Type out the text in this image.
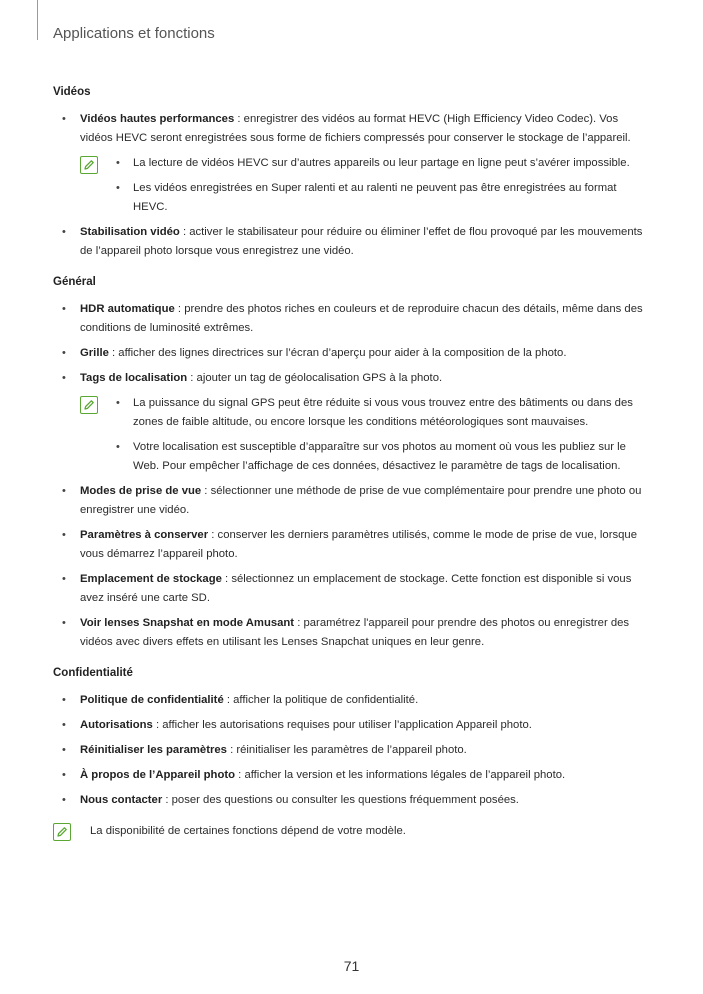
Applications et fonctions
Vidéos
• Vidéos hautes performances : enregistrer des vidéos au format HEVC (High Efficiency Video Codec). Vos vidéos HEVC seront enregistrées sous forme de fichiers compressés pour conserver le stockage de l’appareil.
• La lecture de vidéos HEVC sur d’autres appareils ou leur partage en ligne peut s’avérer impossible.
• Les vidéos enregistrées en Super ralenti et au ralenti ne peuvent pas être enregistrées au format HEVC.
• Stabilisation vidéo : activer le stabilisateur pour réduire ou éliminer l’effet de flou provoqué par les mouvements de l’appareil photo lorsque vous enregistrez une vidéo.
Général
• HDR automatique : prendre des photos riches en couleurs et de reproduire chacun des détails, même dans des conditions de luminosité extrêmes.
• Grille : afficher des lignes directrices sur l’écran d’aperçu pour aider à la composition de la photo.
• Tags de localisation : ajouter un tag de géolocalisation GPS à la photo.
• La puissance du signal GPS peut être réduite si vous vous trouvez entre des bâtiments ou dans des zones de faible altitude, ou encore lorsque les conditions météorologiques sont mauvaises.
• Votre localisation est susceptible d’apparaître sur vos photos au moment où vous les publiez sur le Web. Pour empêcher l’affichage de ces données, désactivez le paramètre de tags de localisation.
• Modes de prise de vue : sélectionner une méthode de prise de vue complémentaire pour prendre une photo ou enregistrer une vidéo.
• Paramètres à conserver : conserver les derniers paramètres utilisés, comme le mode de prise de vue, lorsque vous démarrez l’appareil photo.
• Emplacement de stockage : sélectionnez un emplacement de stockage. Cette fonction est disponible si vous avez inséré une carte SD.
• Voir lenses Snapshat en mode Amusant : paramétrez l'appareil pour prendre des photos ou enregistrer des vidéos avec divers effets en utilisant les Lenses Snapchat uniques en leur genre.
Confidentialité
• Politique de confidentialité : afficher la politique de confidentialité.
• Autorisations : afficher les autorisations requises pour utiliser l’application Appareil photo.
• Réinitialiser les paramètres : réinitialiser les paramètres de l’appareil photo.
• À propos de l’Appareil photo : afficher la version et les informations légales de l’appareil photo.
• Nous contacter : poser des questions ou consulter les questions fréquemment posées.
La disponibilité de certaines fonctions dépend de votre modèle.
71
